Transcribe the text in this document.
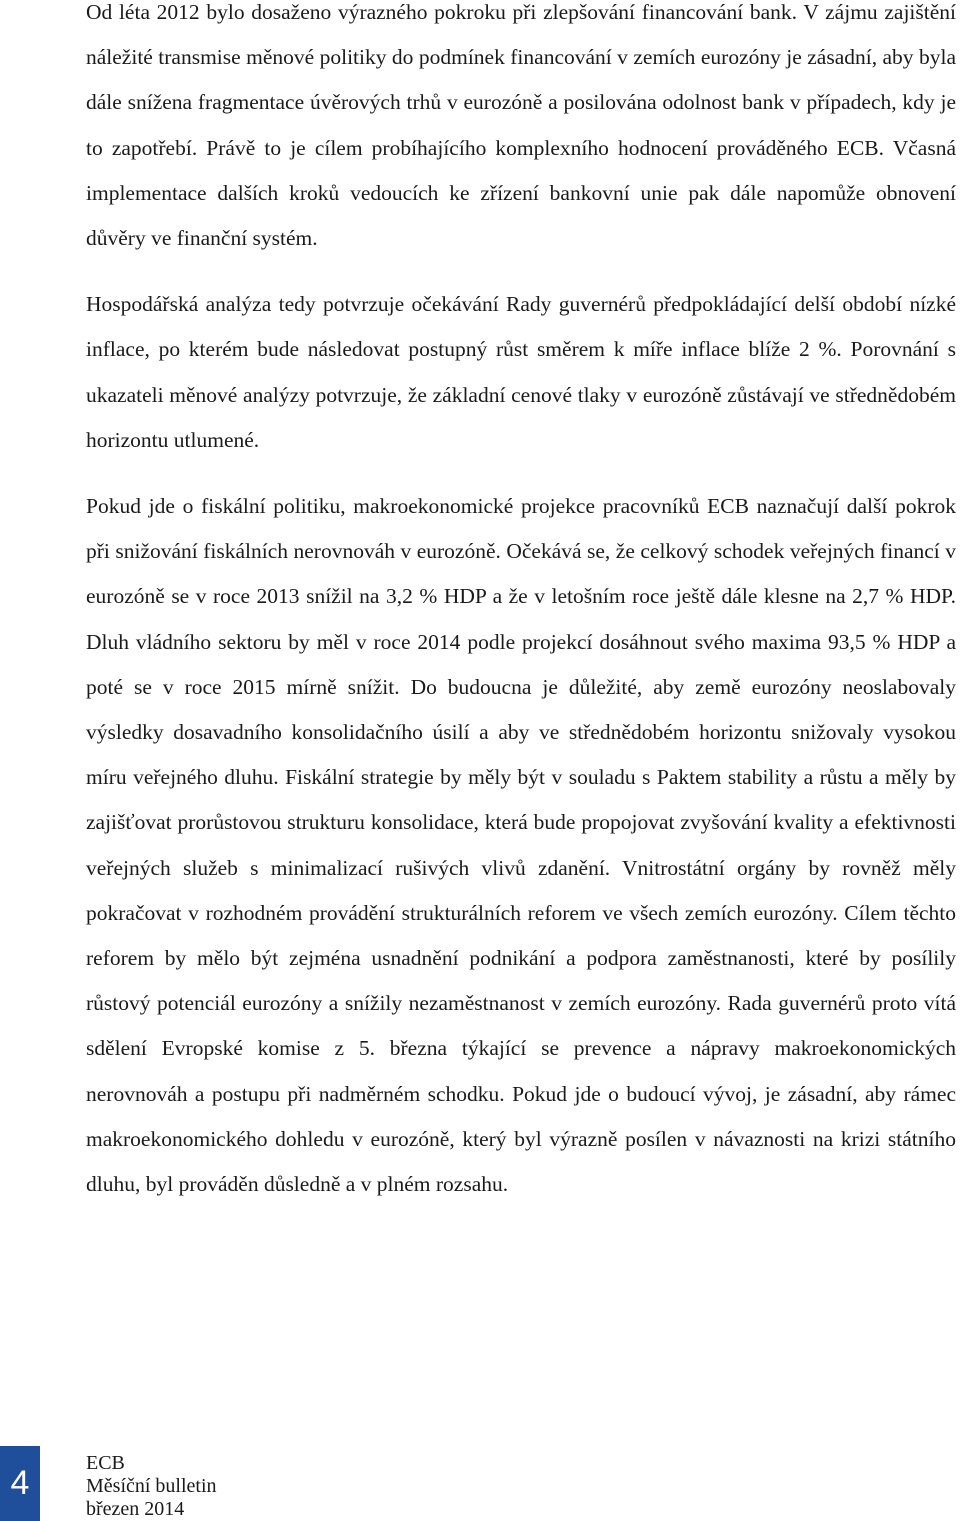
Od léta 2012 bylo dosaženo výrazného pokroku při zlepšování financování bank. V zájmu zajištění náležité transmise měnové politiky do podmínek financování v zemích eurozóny je zásadní, aby byla dále snížena fragmentace úvěrových trhů v eurozóně a posilována odolnost bank v případech, kdy je to zapotřebí. Právě to je cílem probíhajícího komplexního hodnocení prováděného ECB. Včasná implementace dalších kroků vedoucích ke zřízení bankovní unie pak dále napomůže obnovení důvěry ve finanční systém.

Hospodářská analýza tedy potvrzuje očekávání Rady guvernérů předpokládající delší období nízké inflace, po kterém bude následovat postupný růst směrem k míře inflace blíže 2 %. Porovnání s ukazateli měnové analýzy potvrzuje, že základní cenové tlaky v eurozóně zůstávají ve střednědobém horizontu utlumené.

Pokud jde o fiskální politiku, makroekonomické projekce pracovníků ECB naznačují další pokrok při snižování fiskálních nerovnováh v eurozóně. Očekává se, že celkový schodek veřejných financí v eurozóně se v roce 2013 snížil na 3,2 % HDP a že v letošním roce ještě dále klesne na 2,7 % HDP. Dluh vládního sektoru by měl v roce 2014 podle projekcí dosáhnout svého maxima 93,5 % HDP a poté se v roce 2015 mírně snížit. Do budoucna je důležité, aby země eurozóny neoslabovaly výsledky dosavadního konsolidačního úsilí a aby ve střednědobém horizontu snižovaly vysokou míru veřejného dluhu. Fiskální strategie by měly být v souladu s Paktem stability a růstu a měly by zajišťovat prorůstovou strukturu konsolidace, která bude propojovat zvyšování kvality a efektivnosti veřejných služeb s minimalizací rušivých vlivů zdanění. Vnitrostátní orgány by rovněž měly pokračovat v rozhodném provádění strukturálních reforem ve všech zemích eurozóny. Cílem těchto reforem by mělo být zejména usnadnění podnikání a podpora zaměstnanosti, které by posílily růstový potenciál eurozóny a snížily nezaměstnanost v zemích eurozóny. Rada guvernérů proto vítá sdělení Evropské komise z 5. března týkající se prevence a nápravy makroekonomických nerovnováh a postupu při nadměrném schodku. Pokud jde o budoucí vývoj, je zásadní, aby rámec makroekonomického dohledu v eurozóně, který byl výrazně posílen v návaznosti na krizi státního dluhu, byl prováděn důsledně a v plném rozsahu.

4
ECB
Měsíční bulletin
březen 2014
